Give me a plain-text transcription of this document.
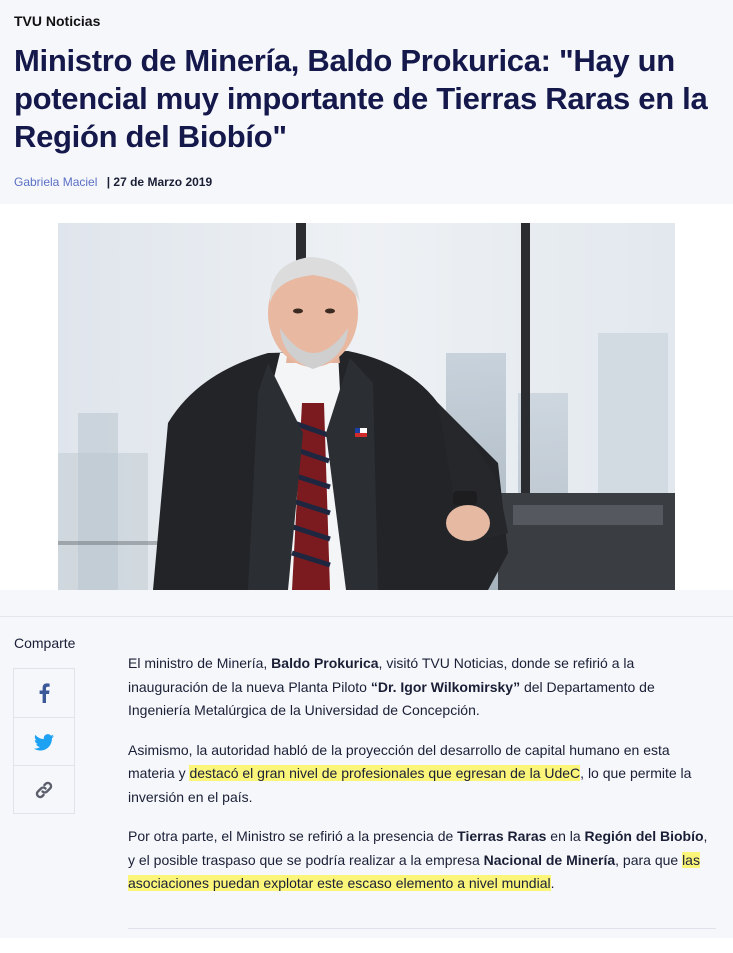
TVU Noticias
Ministro de Minería, Baldo Prokurica: "Hay un potencial muy importante de Tierras Raras en la Región del Biobío"
Gabriela Maciel | 27 de Marzo 2019
Comparte

El ministro de Minería, Baldo Prokurica, visitó TVU Noticias, donde se refirió a la inauguración de la nueva Planta Piloto “Dr. Igor Wilkomirsky” del Departamento de Ingeniería Metalúrgica de la Universidad de Concepción.

Asimismo, la autoridad habló de la proyección del desarrollo de capital humano en esta materia y destacó el gran nivel de profesionales que egresan de la UdeC, lo que permite la inversión en el país.

Por otra parte, el Ministro se refirió a la presencia de Tierras Raras en la Región del Biobío, y el posible traspaso que se podría realizar a la empresa Nacional de Minería, para que las asociaciones puedan explotar este escaso elemento a nivel mundial.
